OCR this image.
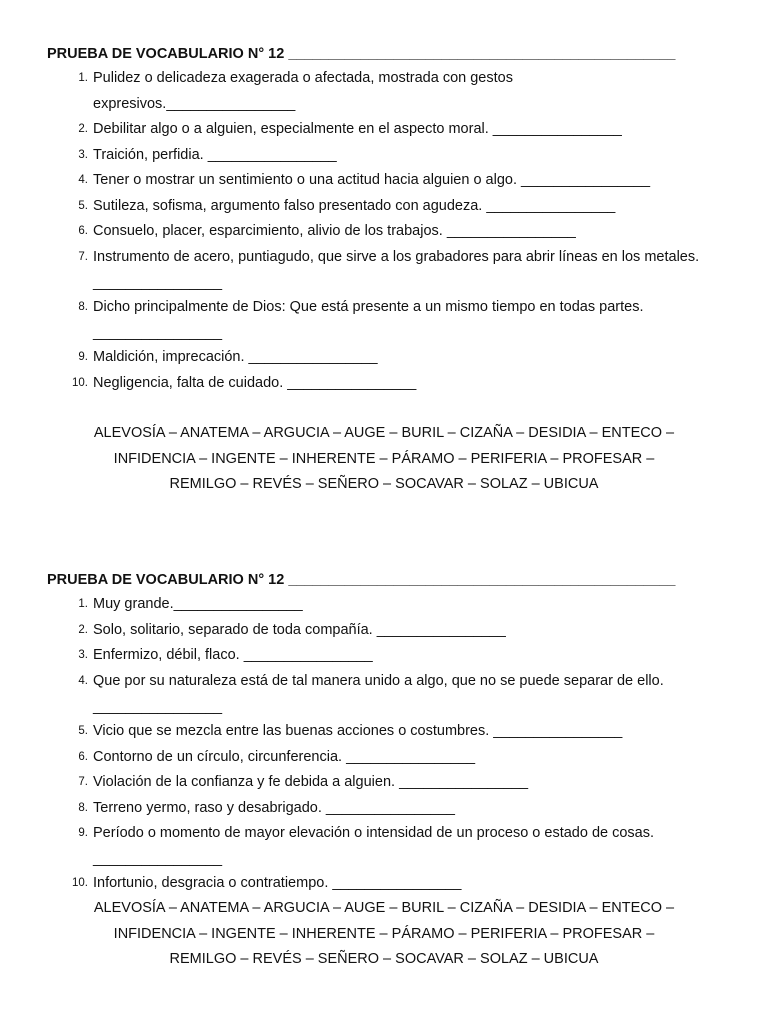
PRUEBA DE VOCABULARIO N° 12 ________________________________________________
1. Pulidez o delicadeza exagerada o afectada, mostrada con gestos expresivos.________________
2. Debilitar algo o a alguien, especialmente en el aspecto moral. ________________
3. Traición, perfidia. ________________
4. Tener o mostrar un sentimiento o una actitud hacia alguien o algo. ________________
5. Sutileza, sofisma, argumento falso presentado con agudeza. ________________
6. Consuelo, placer, esparcimiento, alivio de los trabajos. ________________
7. Instrumento de acero, puntiagudo, que sirve a los grabadores para abrir líneas en los metales. ________________
8. Dicho principalmente de Dios: Que está presente a un mismo tiempo en todas partes. ________________
9. Maldición, imprecación. ________________
10. Negligencia, falta de cuidado. ________________
ALEVOSÍA – ANATEMA – ARGUCIA – AUGE – BURIL – CIZAÑA – DESIDIA – ENTECO –
INFIDENCIA – INGENTE – INHERENTE – PÁRAMO – PERIFERIA – PROFESAR –
REMILGO – REVÉS – SEÑERO – SOCAVAR – SOLAZ – UBICUA
PRUEBA DE VOCABULARIO N° 12 ________________________________________________
1. Muy grande.________________
2. Solo, solitario, separado de toda compañía. ________________
3. Enfermizo, débil, flaco. ________________
4. Que por su naturaleza está de tal manera unido a algo, que no se puede separar de ello. ________________
5. Vicio que se mezcla entre las buenas acciones o costumbres. ________________
6. Contorno de un círculo, circunferencia. ________________
7. Violación de la confianza y fe debida a alguien. ________________
8. Terreno yermo, raso y desabrigado. ________________
9. Período o momento de mayor elevación o intensidad de un proceso o estado de cosas. ________________
10. Infortunio, desgracia o contratiempo. ________________
ALEVOSÍA – ANATEMA – ARGUCIA – AUGE – BURIL – CIZAÑA – DESIDIA – ENTECO –
INFIDENCIA – INGENTE – INHERENTE – PÁRAMO – PERIFERIA – PROFESAR –
REMILGO – REVÉS – SEÑERO – SOCAVAR – SOLAZ – UBICUA
